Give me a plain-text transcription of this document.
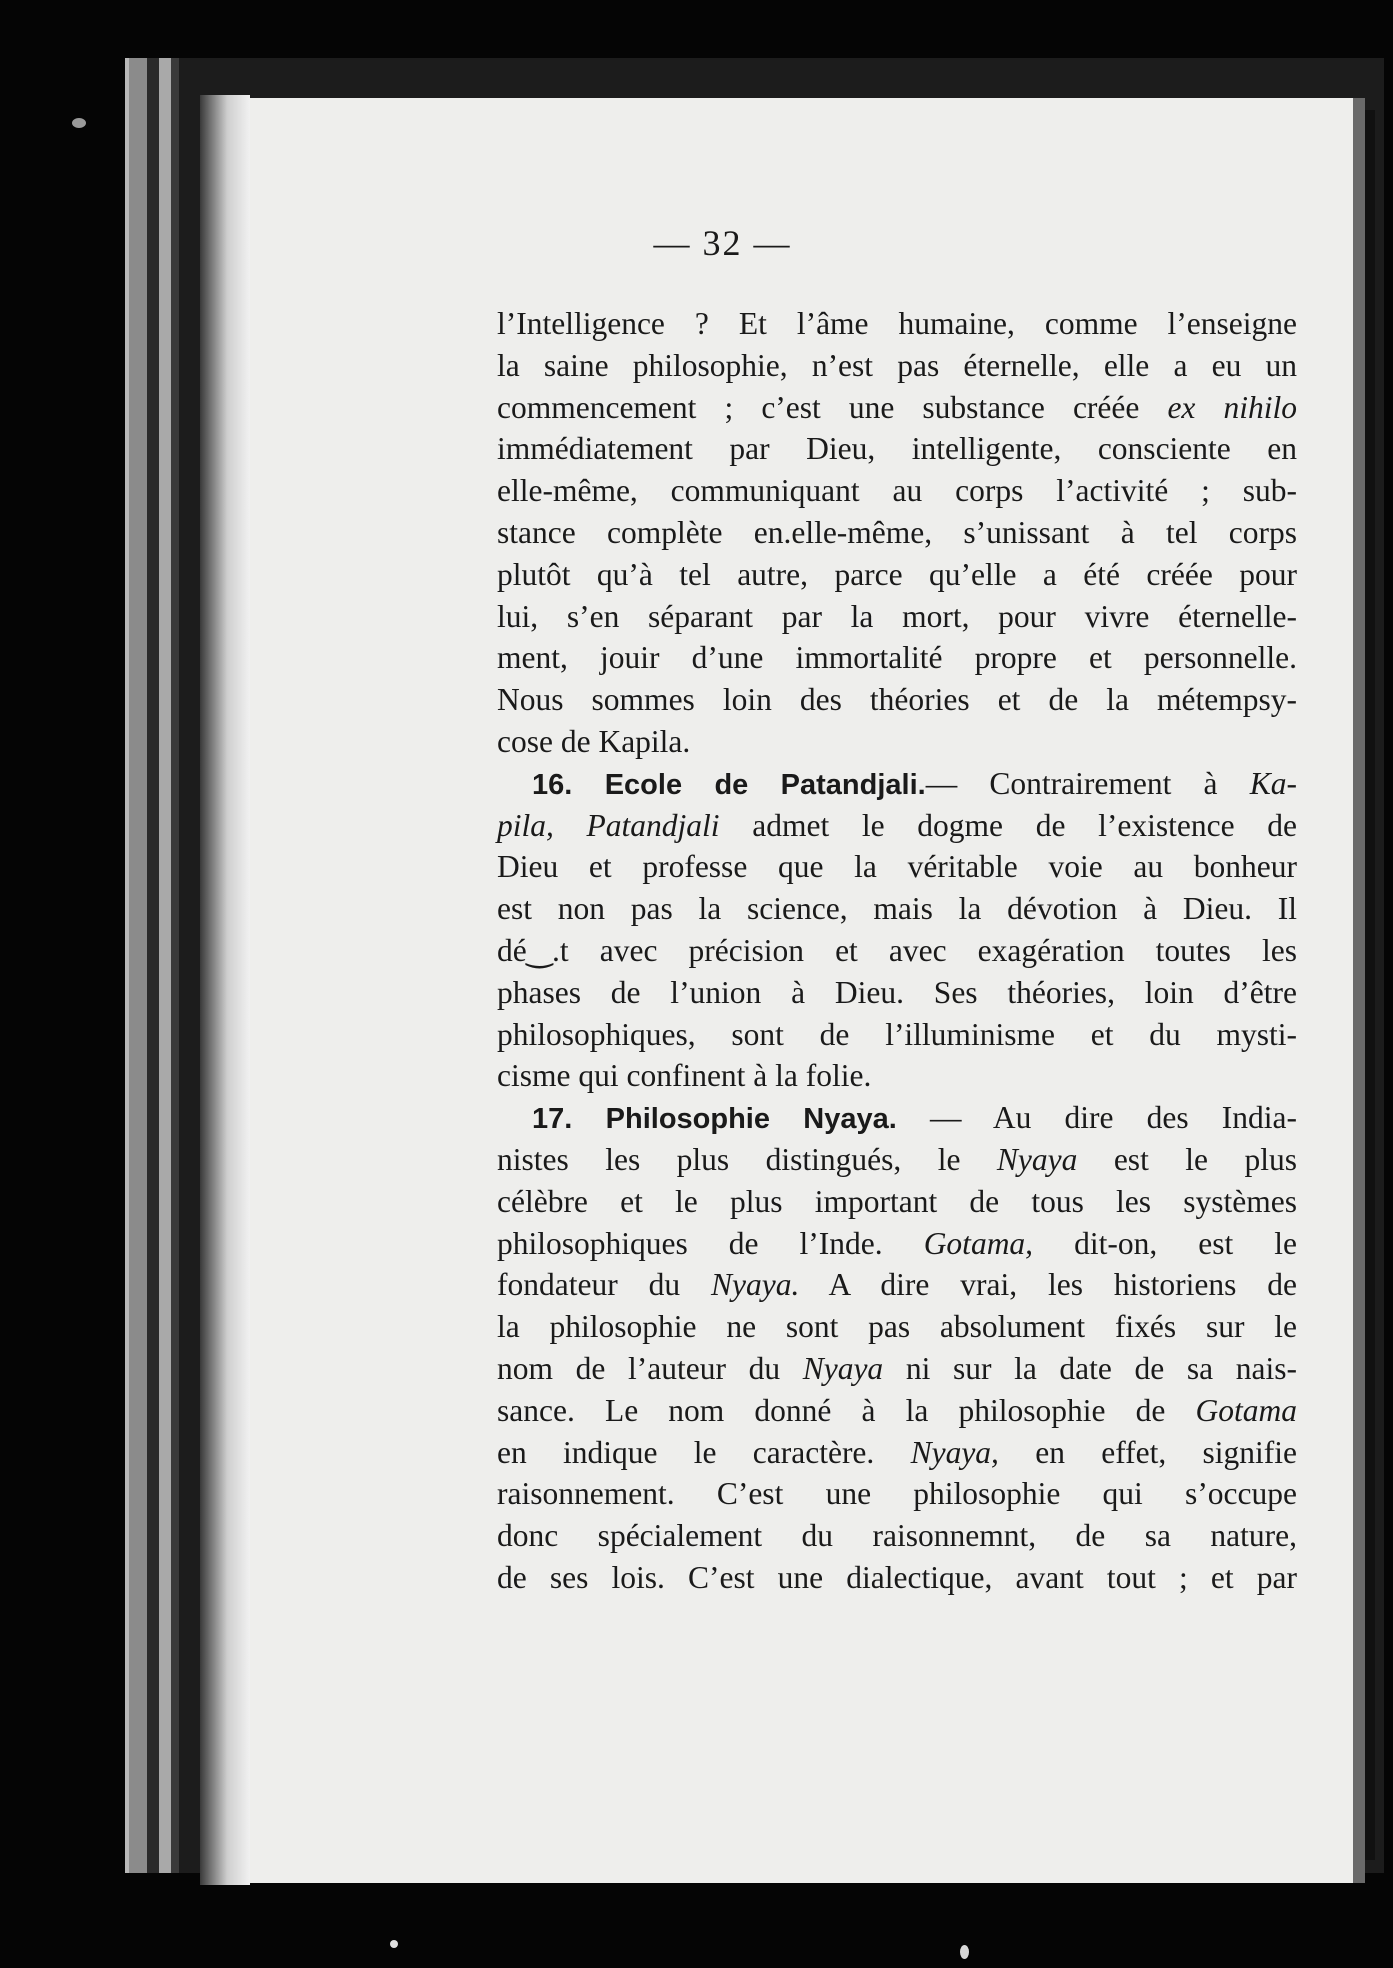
— 32 —
l’Intelligence ? Et l’âme humaine, comme l’enseigne
la saine philosophie, n’est pas éternelle, elle a eu un
commencement ; c’est une substance créée ex nihilo
immédiatement par Dieu, intelligente, consciente en
elle-même, communiquant au corps l’activité ; sub-
stance complète en.elle-même, s’unissant à tel corps
plutôt qu’à tel autre, parce qu’elle a été créée pour
lui, s’en séparant par la mort, pour vivre éternelle-
ment, jouir d’une immortalité propre et personnelle.
Nous sommes loin des théories et de la métempsy-
cose de Kapila.
16. Ecole de Patandjali.— Contrairement à Ka-
pila, Patandjali admet le dogme de l’existence de
Dieu et professe que la véritable voie au bonheur
est non pas la science, mais la dévotion à Dieu. Il
dé‿.t avec précision et avec exagération toutes les
phases de l’union à Dieu. Ses théories, loin d’être
philosophiques, sont de l’illuminisme et du mysti-
cisme qui confinent à la folie.
17. Philosophie Nyaya. — Au dire des India-
nistes les plus distingués, le Nyaya est le plus
célèbre et le plus important de tous les systèmes
philosophiques de l’Inde. Gotama, dit-on, est le
fondateur du Nyaya. A dire vrai, les historiens de
la philosophie ne sont pas absolument fixés sur le
nom de l’auteur du Nyaya ni sur la date de sa nais-
sance. Le nom donné à la philosophie de Gotama
en indique le caractère. Nyaya, en effet, signifie
raisonnement. C’est une philosophie qui s’occupe
donc spécialement du raisonnemnt, de sa nature,
de ses lois. C’est une dialectique, avant tout ; et par
